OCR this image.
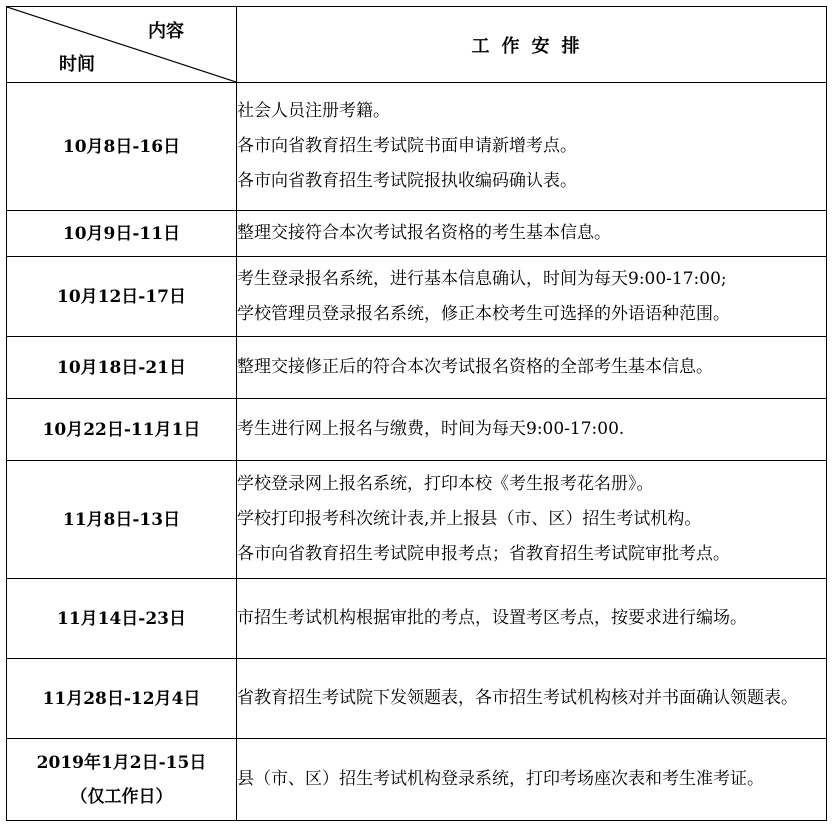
内容
时间	工作安排
10月8日-16日	社会人员注册考籍。
各市向省教育招生考试院书面申请新增考点。
各市向省教育招生考试院报执收编码确认表。

10月9日-11日	整理交接符合本次考试报名资格的考生基本信息。

10月12日-17日	考生登录报名系统，进行基本信息确认，时间为每天9:00-17:00;
学校管理员登录报名系统，修正本校考生可选择的外语语种范围。

10月18日-21日	整理交接修正后的符合本次考试报名资格的全部考生基本信息。

10月22日-11月1日	考生进行网上报名与缴费，时间为每天9:00-17:00.

11月8日-13日	学校登录网上报名系统，打印本校《考生报考花名册》。
学校打印报考科次统计表,并上报县（市、区）招生考试机构。
各市向省教育招生考试院申报考点；省教育招生考试院审批考点。

11月14日-23日	市招生考试机构根据审批的考点，设置考区考点，按要求进行编场。

11月28日-12月4日	省教育招生考试院下发领题表，各市招生考试机构核对并书面确认领题表。

2019年1月2日-15日
（仅工作日）	县（市、区）招生考试机构登录系统，打印考场座次表和考生准考证。
